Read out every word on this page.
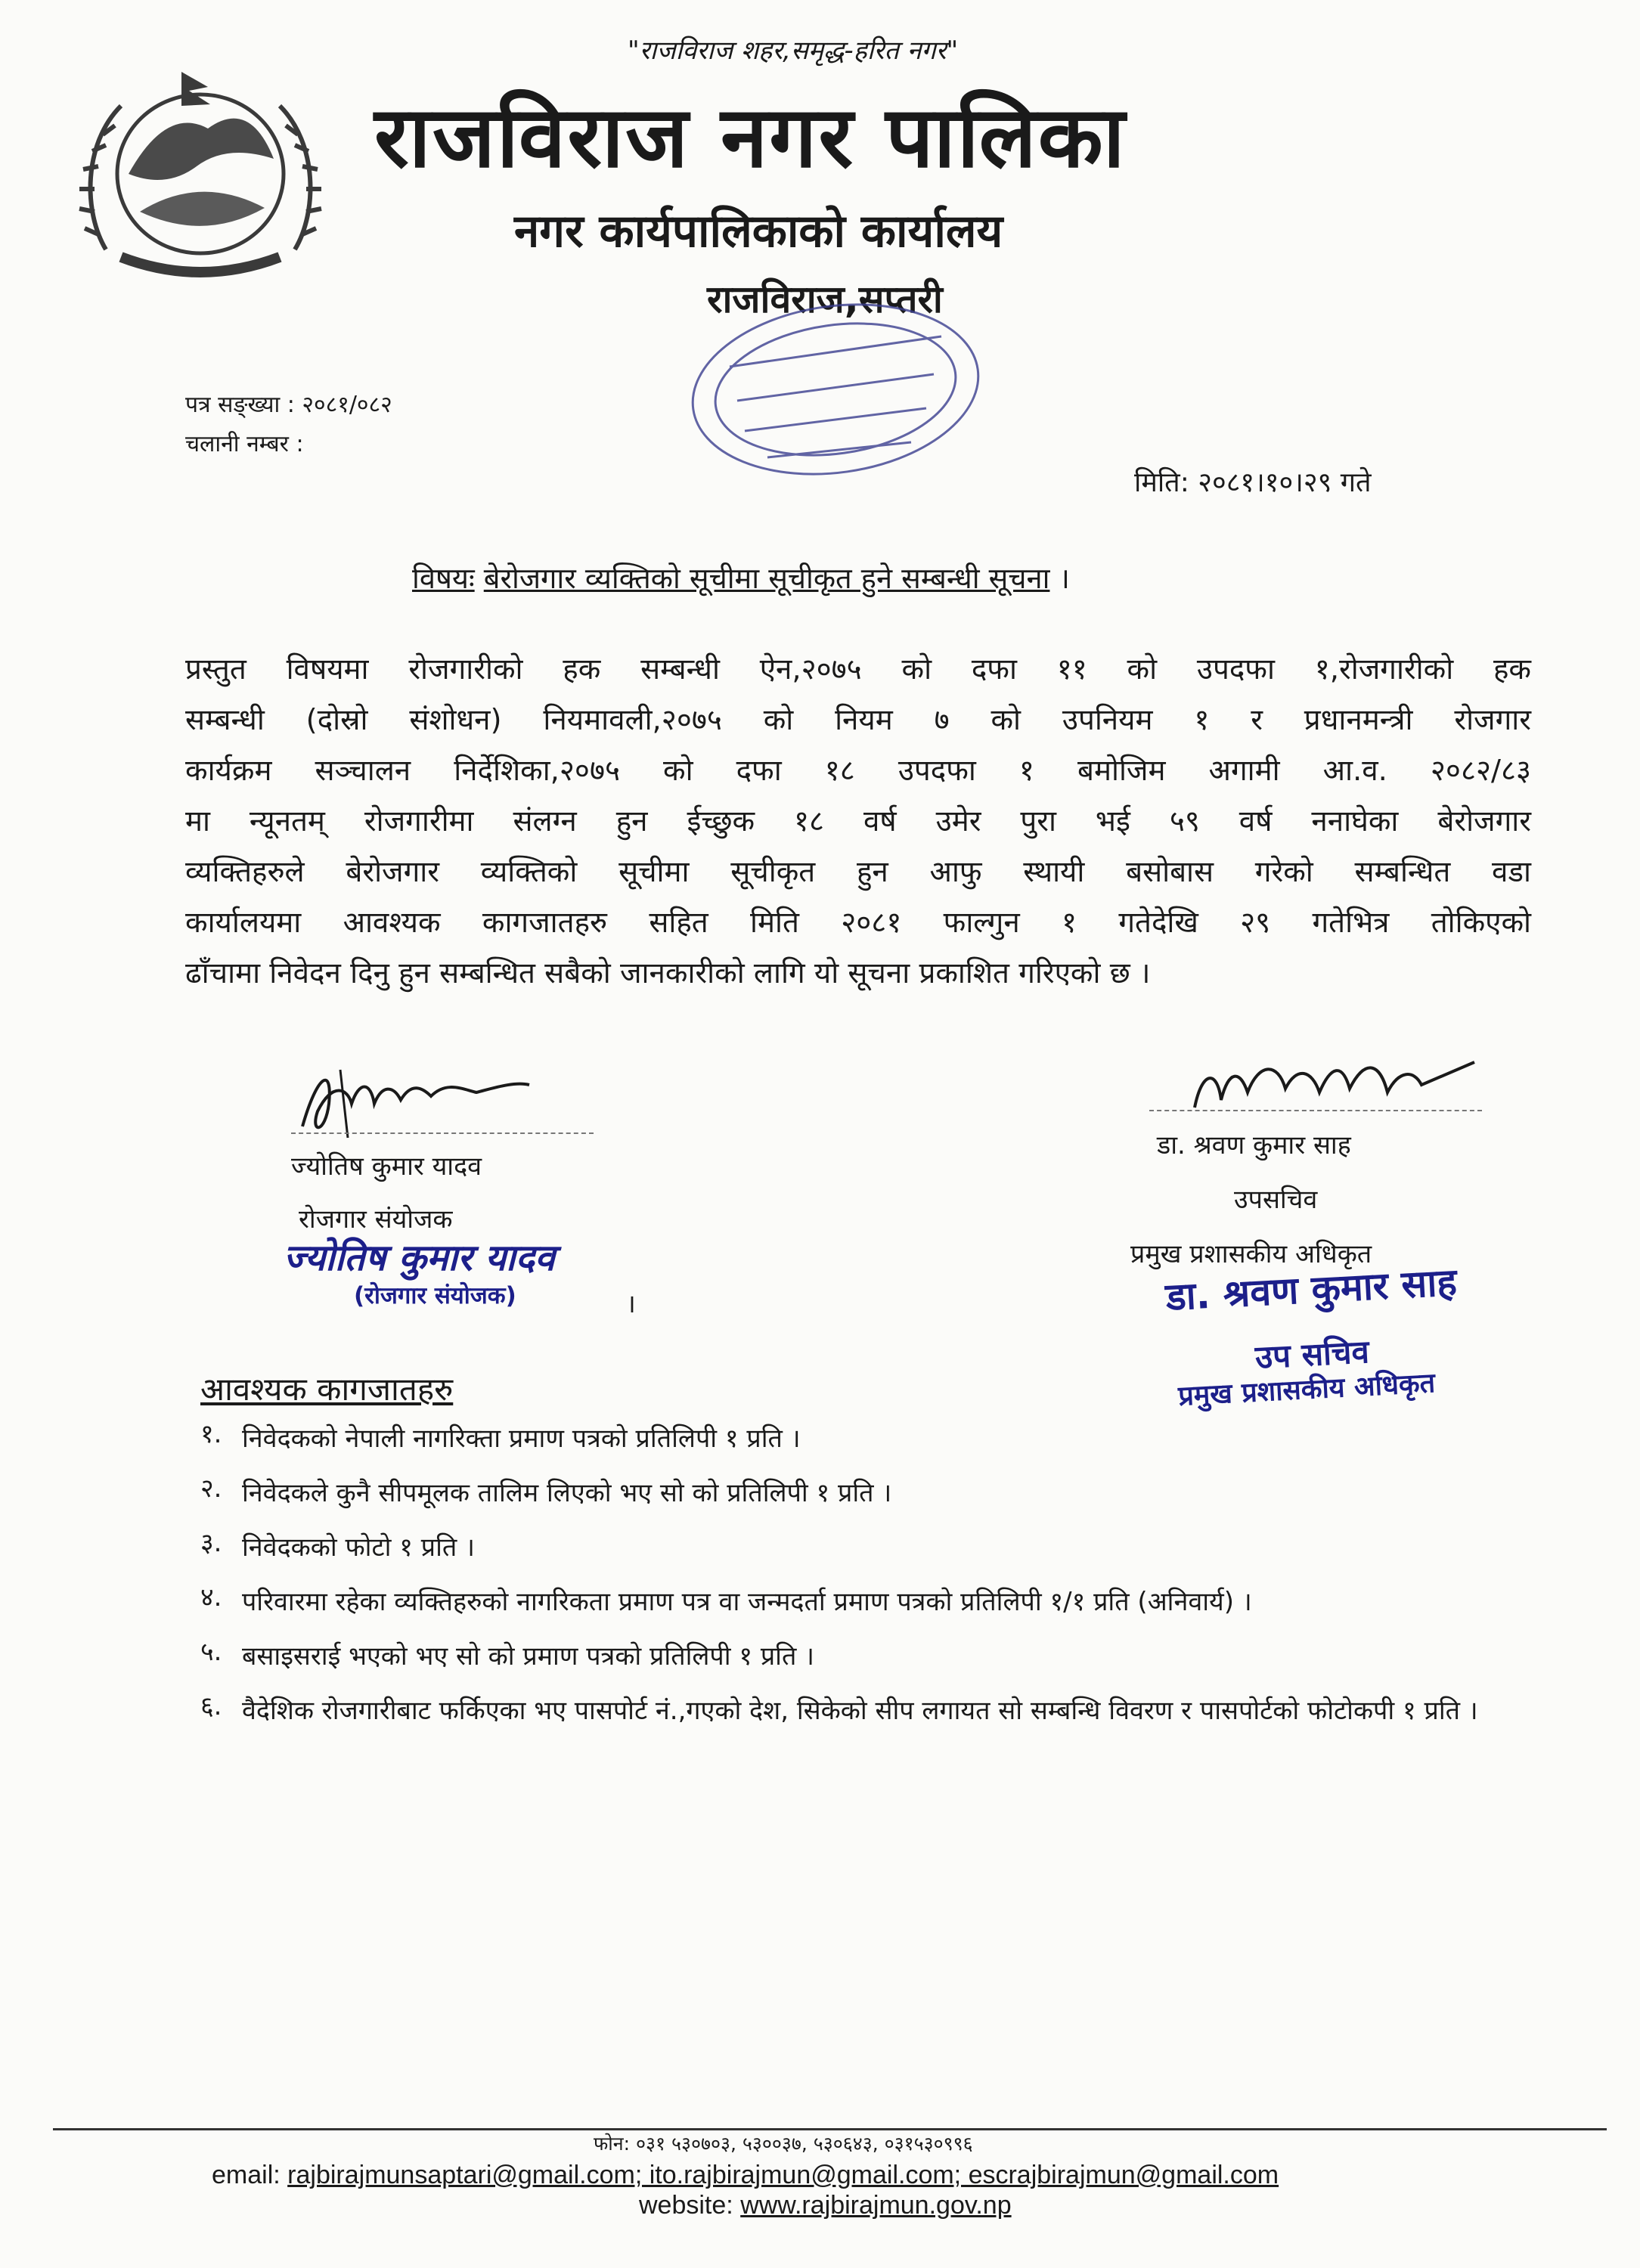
"राजविराज शहर,समृद्ध-हरित नगर"
राजविराज नगर पालिका
नगर कार्यपालिकाको कार्यालय
राजविराज,सप्तरी
पत्र सङ्ख्या : २०८१/०८२
चलानी नम्बर :
मिति: २०८१।१०।२९ गते
विषयः बेरोजगार व्यक्तिको सूचीमा सूचीकृत हुने सम्बन्धी सूचना ।
प्रस्तुत विषयमा रोजगारीको हक सम्बन्धी ऐन,२०७५ को दफा ११ को उपदफा १,रोजगारीको हक
सम्बन्धी (दोस्रो संशोधन) नियमावली,२०७५ को नियम ७ को उपनियम १ र प्रधानमन्त्री रोजगार
कार्यक्रम सञ्चालन निर्देशिका,२०७५ को दफा १८ उपदफा १ बमोजिम अगामी आ.व. २०८२/८३
मा न्यूनतम् रोजगारीमा संलग्न हुन ईच्छुक १८ वर्ष उमेर पुरा भई ५९ वर्ष ननाघेका बेरोजगार
व्यक्तिहरुले बेरोजगार व्यक्तिको सूचीमा सूचीकृत हुन आफु स्थायी बसोबास गरेको सम्बन्धित वडा
कार्यालयमा आवश्यक कागजातहरु सहित मिति २०८१ फाल्गुन १ गतेदेखि २९ गतेभित्र तोकिएको
ढाँचामा निवेदन दिनु हुन सम्बन्धित सबैको जानकारीको लागि यो सूचना प्रकाशित गरिएको छ ।
ज्योतिष कुमार यादव
रोजगार संयोजक
ज्योतिष कुमार यादव
(रोजगार संयोजक)	।
डा. श्रवण कुमार साह
उपसचिव
प्रमुख प्रशासकीय अधिकृत
डा. श्रवण कुमार साह
उप सचिव
प्रमुख प्रशासकीय अधिकृत
आवश्यक कागजातहरु
१. निवेदकको नेपाली नागरिक्ता प्रमाण पत्रको प्रतिलिपी १ प्रति ।
२. निवेदकले कुनै सीपमूलक तालिम लिएको भए सो को प्रतिलिपी १ प्रति ।
३. निवेदकको फोटो १ प्रति ।
४. परिवारमा रहेका व्यक्तिहरुको नागरिकता प्रमाण पत्र वा जन्मदर्ता प्रमाण पत्रको प्रतिलिपी १/१ प्रति (अनिवार्य) ।
५. बसाइसराई भएको भए सो को प्रमाण पत्रको प्रतिलिपी १ प्रति ।
६. वैदेशिक रोजगारीबाट फर्किएका भए पासपोर्ट नं.,गएको देश, सिकेको सीप लगायत सो सम्बन्धि विवरण र पासपोर्टको फोटोकपी १ प्रति ।
फोन: ०३१ ५३०७०३, ५३००३७, ५३०६४३, ०३१५३०९९६
email: rajbirajmunsaptari@gmail.com; ito.rajbirajmun@gmail.com; escrajbirajmun@gmail.com
website: www.rajbirajmun.gov.np
